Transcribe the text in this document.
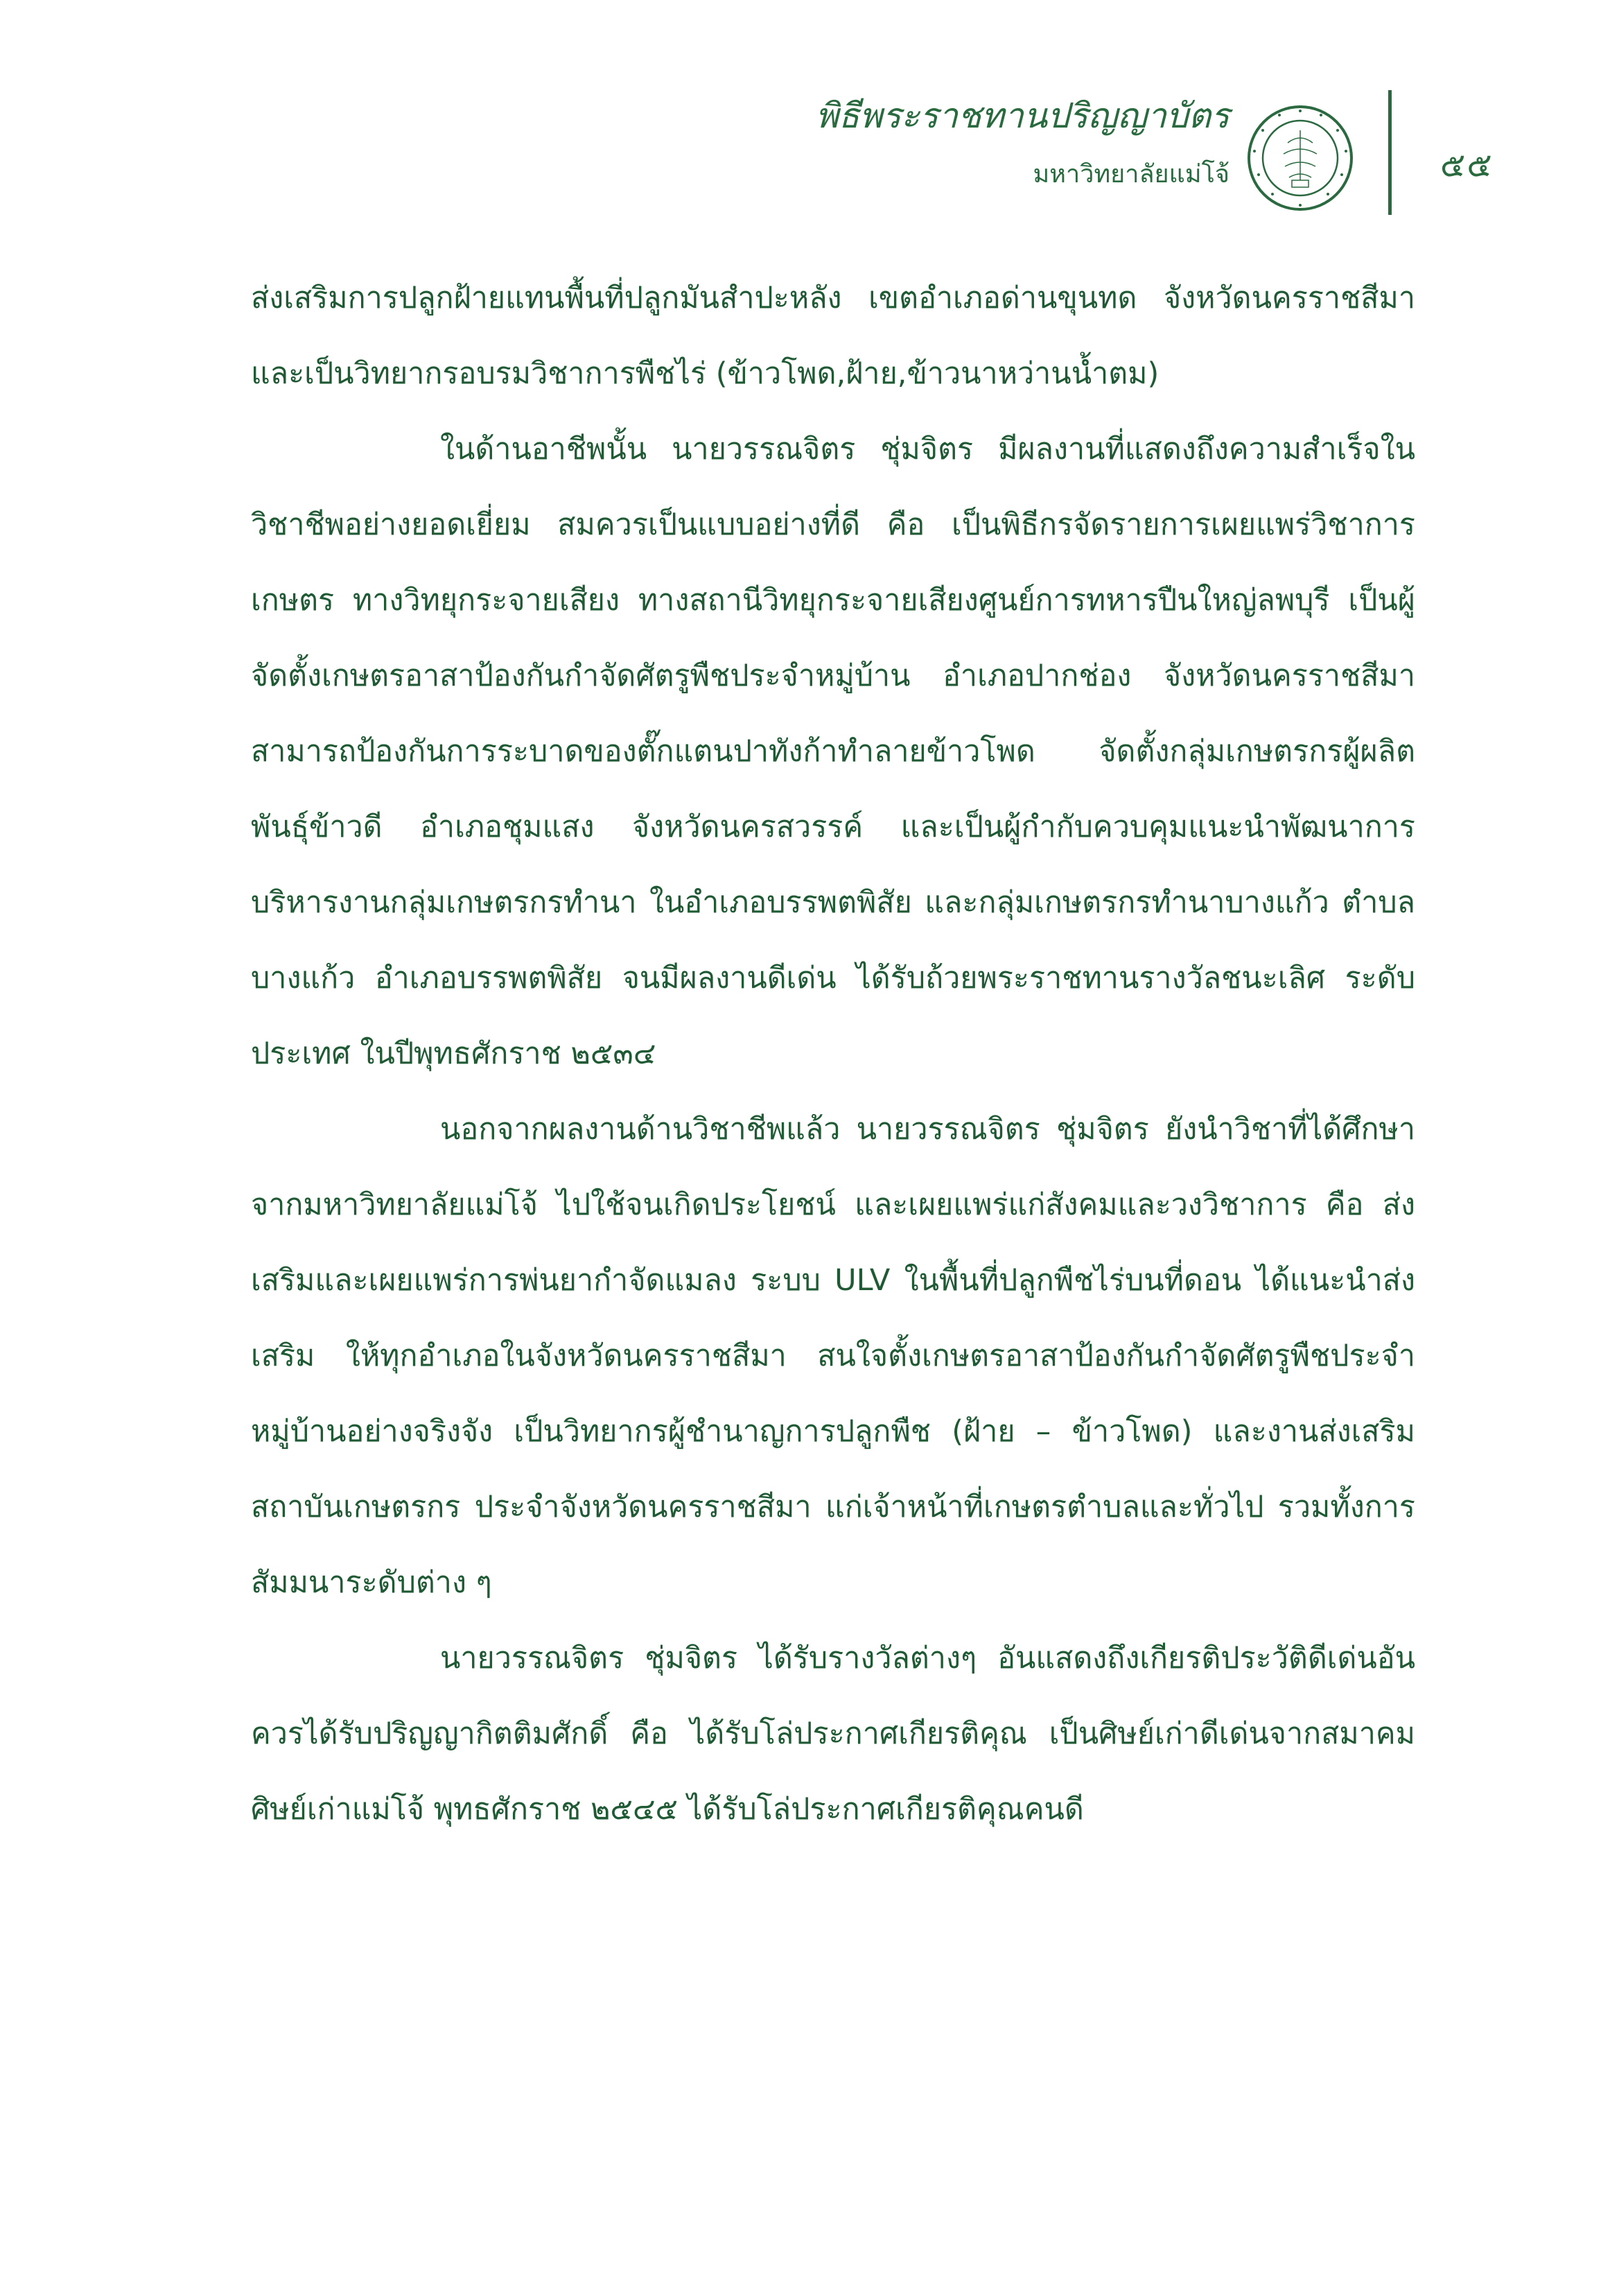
พิธีพระราชทานปริญญาบัตร
มหาวิทยาลัยแม่โจ้	๕๕

ส่งเสริมการปลูกฝ้ายแทนพื้นที่ปลูกมันสำปะหลัง เขตอำเภอด่านขุนทด จังหวัดนครราชสีมา และเป็นวิทยากรอบรมวิชาการพืชไร่ (ข้าวโพด,ฝ้าย,ข้าวนาหว่านน้ำตม)

ในด้านอาชีพนั้น นายวรรณจิตร ชุ่มจิตร มีผลงานที่แสดงถึงความสำเร็จในวิชาชีพอย่างยอดเยี่ยม สมควรเป็นแบบอย่างที่ดี คือ เป็นพิธีกรจัดรายการเผยแพร่วิชาการเกษตร ทางวิทยุกระจายเสียง ทางสถานีวิทยุกระจายเสียงศูนย์การทหารปืนใหญ่ลพบุรี เป็นผู้จัดตั้งเกษตรอาสาป้องกันกำจัดศัตรูพืชประจำหมู่บ้าน อำเภอปากช่อง จังหวัดนครราชสีมา สามารถป้องกันการระบาดของตั๊กแตนปาทังก้าทำลายข้าวโพด จัดตั้งกลุ่มเกษตรกรผู้ผลิตพันธุ์ข้าวดี อำเภอชุมแสง จังหวัดนครสวรรค์ และเป็นผู้กำกับควบคุมแนะนำพัฒนาการบริหารงานกลุ่มเกษตรกรทำนา ในอำเภอบรรพตพิสัย และกลุ่มเกษตรกรทำนาบางแก้ว ตำบลบางแก้ว อำเภอบรรพตพิสัย จนมีผลงานดีเด่น ได้รับถ้วยพระราชทานรางวัลชนะเลิศ ระดับประเทศ ในปีพุทธศักราช ๒๕๓๔

นอกจากผลงานด้านวิชาชีพแล้ว นายวรรณจิตร ชุ่มจิตร ยังนำวิชาที่ได้ศึกษาจากมหาวิทยาลัยแม่โจ้ ไปใช้จนเกิดประโยชน์ และเผยแพร่แก่สังคมและวงวิชาการ คือ ส่งเสริมและเผยแพร่การพ่นยากำจัดแมลง ระบบ ULV ในพื้นที่ปลูกพืชไร่บนที่ดอน ได้แนะนำส่งเสริม ให้ทุกอำเภอในจังหวัดนครราชสีมา สนใจตั้งเกษตรอาสาป้องกันกำจัดศัตรูพืชประจำหมู่บ้านอย่างจริงจัง เป็นวิทยากรผู้ชำนาญการปลูกพืช (ฝ้าย – ข้าวโพด) และงานส่งเสริมสถาบันเกษตรกร ประจำจังหวัดนครราชสีมา แก่เจ้าหน้าที่เกษตรตำบลและทั่วไป รวมทั้งการสัมมนาระดับต่าง ๆ

นายวรรณจิตร ชุ่มจิตร ได้รับรางวัลต่างๆ อันแสดงถึงเกียรติประวัติดีเด่นอันควรได้รับปริญญากิตติมศักดิ์ คือ ได้รับโล่ประกาศเกียรติคุณ เป็นศิษย์เก่าดีเด่นจากสมาคมศิษย์เก่าแม่โจ้ พุทธศักราช ๒๕๔๕ ได้รับโล่ประกาศเกียรติคุณคนดี
